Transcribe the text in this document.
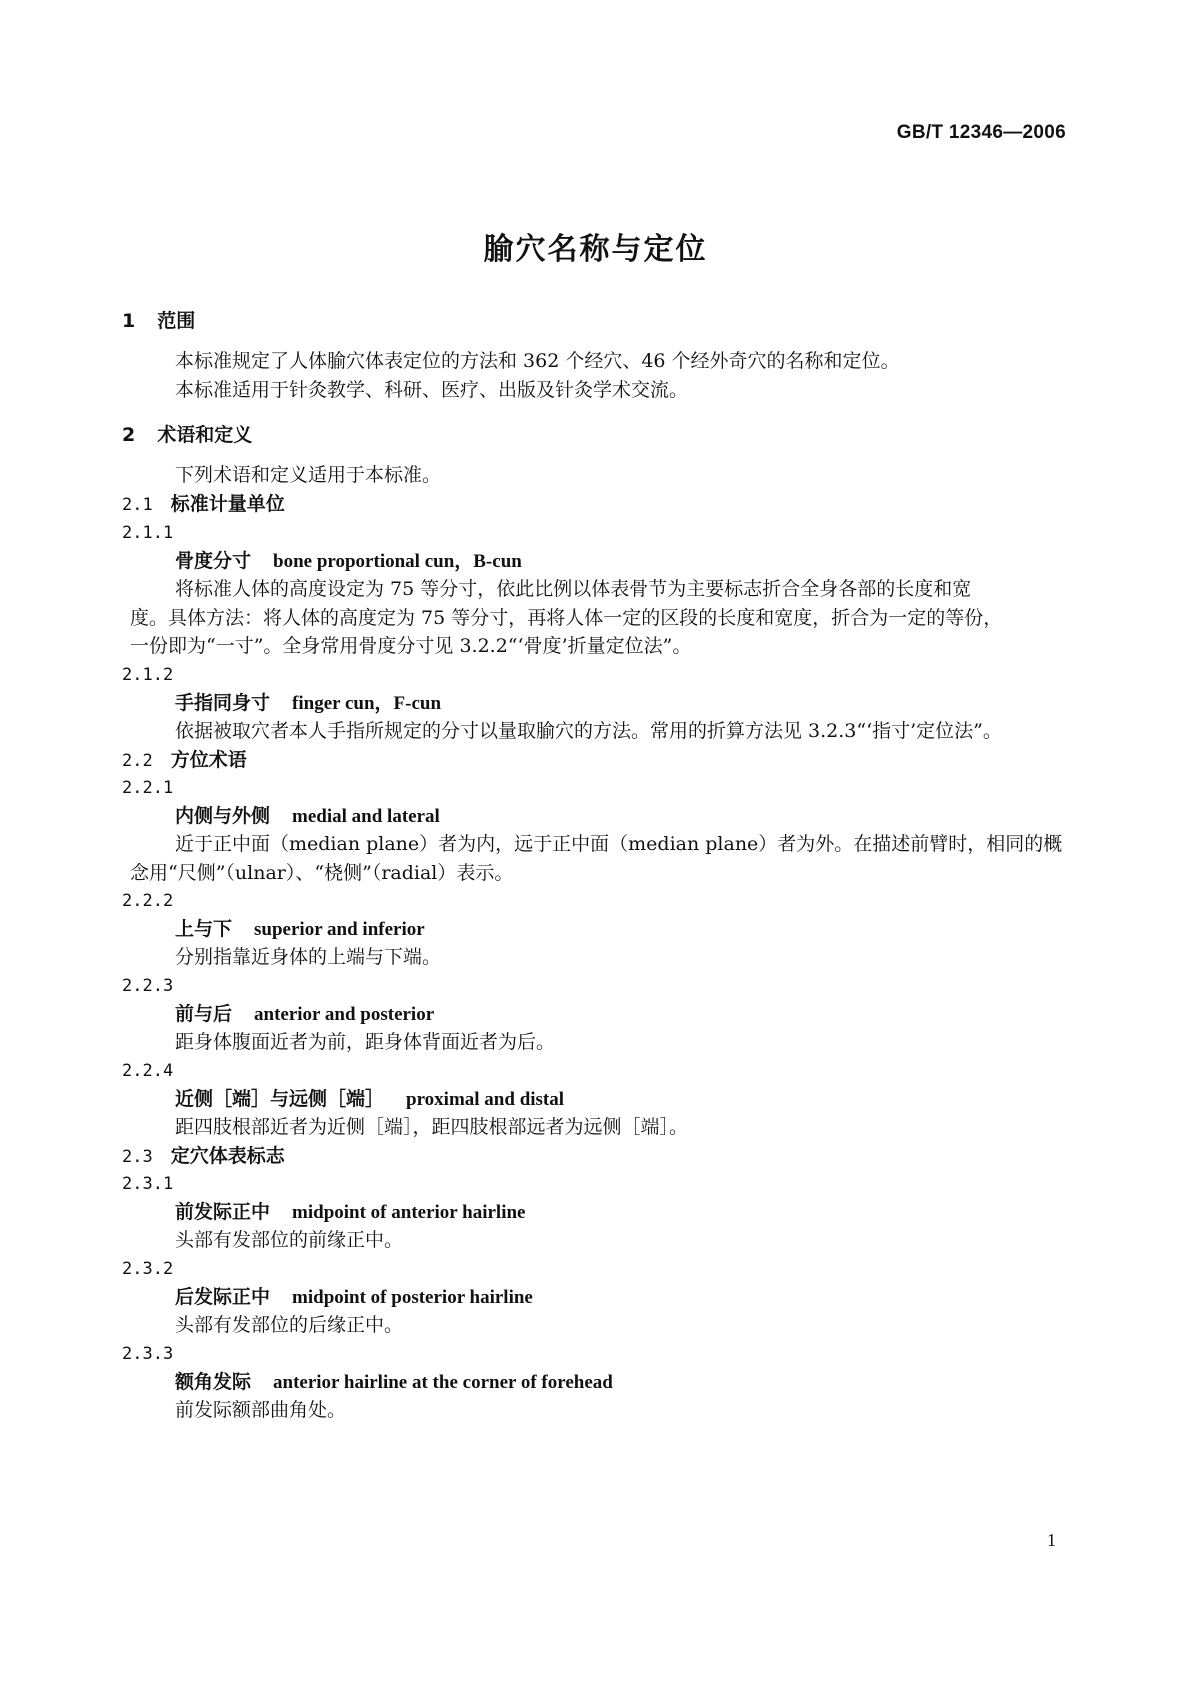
GB/T 12346—2006
腧穴名称与定位
1 范围
本标准规定了人体腧穴体表定位的方法和 362 个经穴、46 个经外奇穴的名称和定位。
本标准适用于针灸教学、科研、医疗、出版及针灸学术交流。
2 术语和定义
下列术语和定义适用于本标准。
2.1 标准计量单位
2.1.1
骨度分寸 bone proportional cun，B-cun
将标准人体的高度设定为 75 等分寸，依此比例以体表骨节为主要标志折合全身各部的长度和宽
度。具体方法：将人体的高度定为 75 等分寸，再将人体一定的区段的长度和宽度，折合为一定的等份，
一份即为“一寸”。全身常用骨度分寸见 3.2.2“‘骨度’折量定位法”。
2.1.2
手指同身寸 finger cun，F-cun
依据被取穴者本人手指所规定的分寸以量取腧穴的方法。常用的折算方法见 3.2.3“‘指寸’定位法”。
2.2 方位术语
2.2.1
内侧与外侧 medial and lateral
近于正中面（median plane）者为内，远于正中面（median plane）者为外。在描述前臂时，相同的概
念用“尺侧”（ulnar）、“桡侧”（radial）表示。
2.2.2
上与下 superior and inferior
分别指靠近身体的上端与下端。
2.2.3
前与后 anterior and posterior
距身体腹面近者为前，距身体背面近者为后。
2.2.4
近侧［端］与远侧［端］ proximal and distal
距四肢根部近者为近侧［端］，距四肢根部远者为远侧［端］。
2.3 定穴体表标志
2.3.1
前发际正中 midpoint of anterior hairline
头部有发部位的前缘正中。
2.3.2
后发际正中 midpoint of posterior hairline
头部有发部位的后缘正中。
2.3.3
额角发际 anterior hairline at the corner of forehead
前发际额部曲角处。
1
